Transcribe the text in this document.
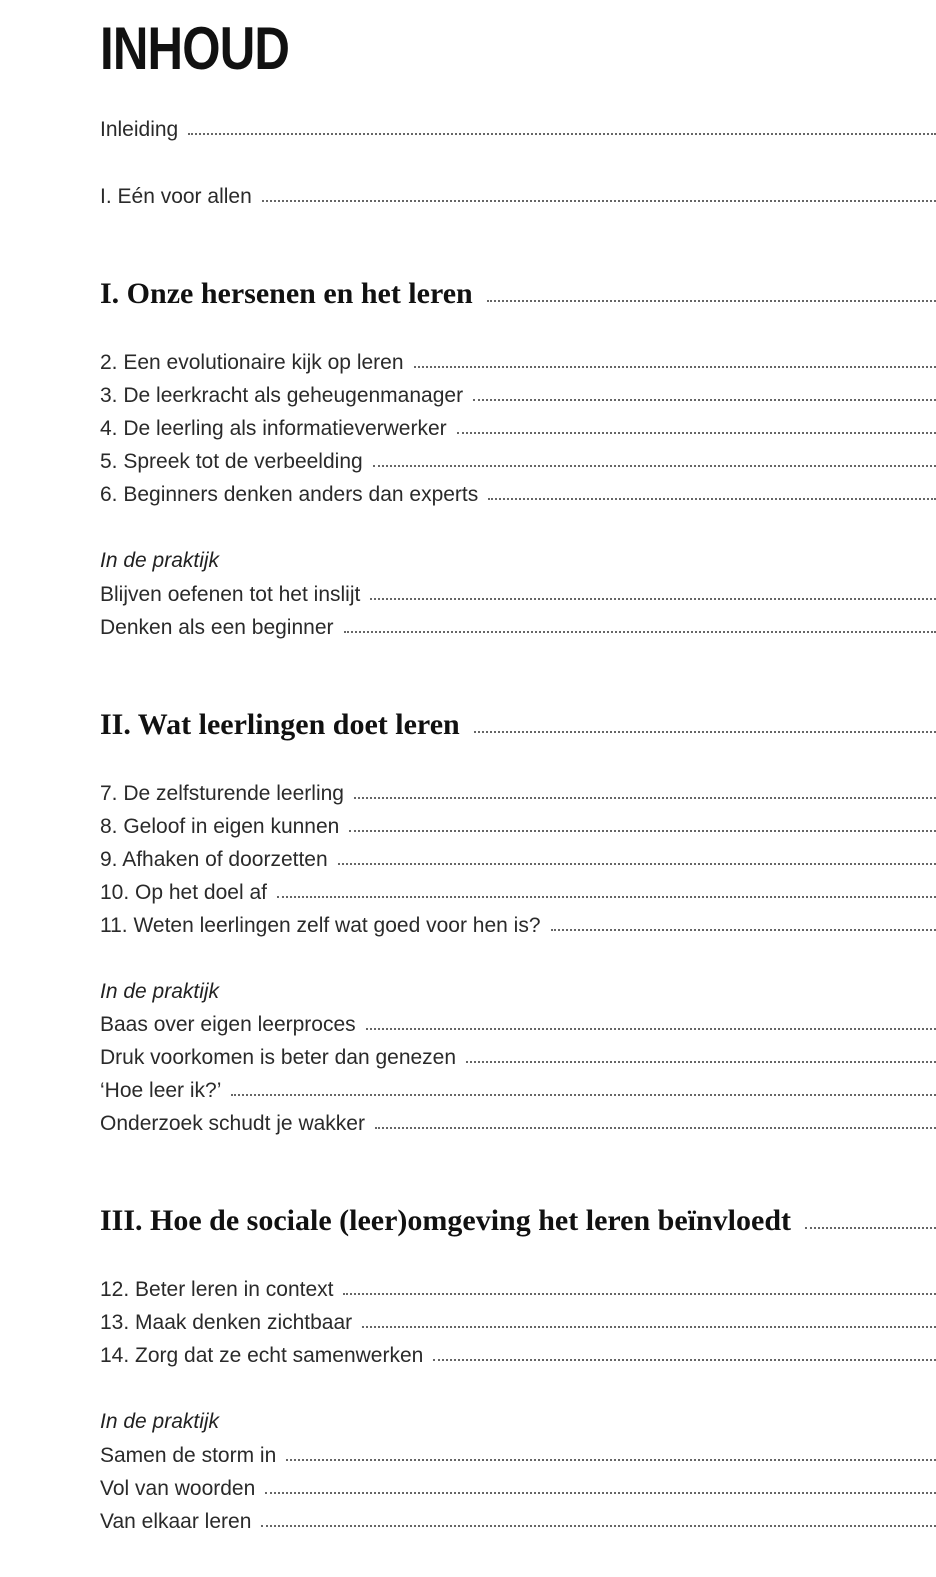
INHOUD
Inleiding
I. Eén voor allen
I. Onze hersenen en het leren
2. Een evolutionaire kijk op leren
3. De leerkracht als geheugenmanager
4. De leerling als informatieverwerker
5. Spreek tot de verbeelding
6. Beginners denken anders dan experts
In de praktijk
Blijven oefenen tot het inslijt
Denken als een beginner
II. Wat leerlingen doet leren
7. De zelfsturende leerling
8. Geloof in eigen kunnen
9. Afhaken of doorzetten
10. Op het doel af
11. Weten leerlingen zelf wat goed voor hen is?
In de praktijk
Baas over eigen leerproces
Druk voorkomen is beter dan genezen
‘Hoe leer ik?’
Onderzoek schudt je wakker
III. Hoe de sociale (leer)omgeving het leren beïnvloedt
12. Beter leren in context
13. Maak denken zichtbaar
14. Zorg dat ze echt samenwerken
In de praktijk
Samen de storm in
Vol van woorden
Van elkaar leren
